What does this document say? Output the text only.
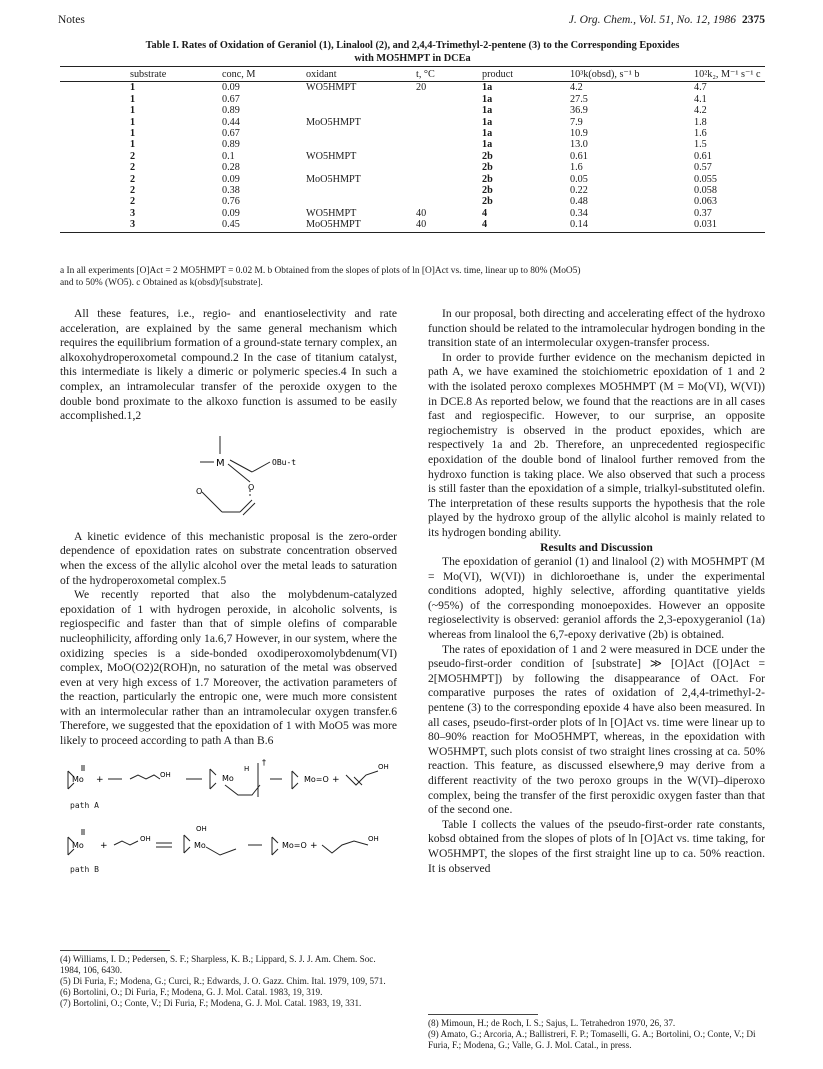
Notes	J. Org. Chem., Vol. 51, No. 12, 1986 2375
Table I. Rates of Oxidation of Geraniol (1), Linalool (2), and 2,4,4-Trimethyl-2-pentene (3) to the Corresponding Epoxides
with MO5HMPT in DCEa
substrate	conc, M	oxidant	t, °C	product	10³k(obsd), s⁻¹ b	10²k₂, M⁻¹ s⁻¹ c
1	0.09	WO5HMPT	20	1a	4.2	4.7
1	0.67			1a	27.5	4.1
1	0.89			1a	36.9	4.2
1	0.44	MoO5HMPT		1a	7.9	1.8
1	0.67			1a	10.9	1.6
1	0.89			1a	13.0	1.5
2	0.1	WO5HMPT		2b	0.61	0.61
2	0.28			2b	1.6	0.57
2	0.09	MoO5HMPT		2b	0.05	0.055
2	0.38			2b	0.22	0.058
2	0.76			2b	0.48	0.063
3	0.09	WO5HMPT	40	4	0.34	0.37
3	0.45	MoO5HMPT	40	4	0.14	0.031
a In all experiments [O]Act = 2 MO5HMPT = 0.02 M. b Obtained from the slopes of plots of ln [O]Act vs. time, linear up to 80% (MoO5)
and to 50% (WO5). c Obtained as k(obsd)/[substrate].

All these features, i.e., regio- and enantioselectivity and rate acceleration, are explained by the same general mechanism which requires the equilibrium formation of a ground-state ternary complex, an alkoxohydroperoxometal compound.2 In the case of titanium catalyst, this intermediate is likely a dimeric or polymeric species.4 In such a complex, an intramolecular transfer of the peroxide oxygen to the double bond proximate to the alkoxo function is assumed to be easily accomplished.1,2

M	OBu-t
O
O

A kinetic evidence of this mechanistic proposal is the zero-order dependence of epoxidation rates on substrate concentration observed when the excess of the allylic alcohol over the metal leads to saturation of the hydroperoxometal complex.5

We recently reported that also the molybdenum-catalyzed epoxidation of 1 with hydrogen peroxide, in alcoholic solvents, is regiospecific and faster than that of simple olefins of comparable nucleophilicity, affording only 1a.6,7 However, in our system, where the oxidizing species is a side-bonded oxodiperoxomolybdenum(VI) complex, MoO(O2)2(ROH)n, no saturation of the metal was observed even at very high excess of 1.7 Moreover, the activation parameters of the reaction, particularly the entropic one, were much more consistent with an intermolecular rather than an intramolecular oxygen transfer.6 Therefore, we suggested that the epoxidation of 1 with MoO5 was more likely to proceed according to path A than B.6

Mo +	OH	Mo
H
†
Mo=O +
OH
path A
Mo +
OH
OH
Mo	Mo=O +
OH
path B
(4) Williams, I. D.; Pedersen, S. F.; Sharpless, K. B.; Lippard, S. J. J. Am. Chem. Soc. 1984, 106, 6430.
(5) Di Furia, F.; Modena, G.; Curci, R.; Edwards, J. O. Gazz. Chim. Ital. 1979, 109, 571.
(6) Bortolini, O.; Di Furia, F.; Modena, G. J. Mol. Catal. 1983, 19, 319.
(7) Bortolini, O.; Conte, V.; Di Furia, F.; Modena, G. J. Mol. Catal. 1983, 19, 331.

In our proposal, both directing and accelerating effect of the hydroxo function should be related to the intramolecular hydrogen bonding in the transition state of an intermolecular oxygen-transfer process.

In order to provide further evidence on the mechanism depicted in path A, we have examined the stoichiometric epoxidation of 1 and 2 with the isolated peroxo complexes MO5HMPT (M = Mo(VI), W(VI)) in DCE.8 As reported below, we found that the reactions are in all cases fast and regiospecific. However, to our surprise, an opposite regiochemistry is observed in the product epoxides, which are respectively 1a and 2b. Therefore, an unprecedented regiospecific epoxidation of the double bond of linalool further removed from the hydroxo function is taking place. We also observed that such a process is still faster than the epoxidation of a simple, trialkyl-substituted olefin. The interpretation of these results supports the hypothesis that the role played by the hydroxo group of the allylic alcohol is mainly related to its hydrogen bonding ability.

Results and Discussion

The epoxidation of geraniol (1) and linalool (2) with MO5HMPT (M = Mo(VI), W(VI)) in dichloroethane is, under the experimental conditions adopted, highly selective, affording quantitative yields (~95%) of the corresponding monoepoxides. However an opposite regioselectivity is observed: geraniol affords the 2,3-epoxygeraniol (1a) whereas from linalool the 6,7-epoxy derivative (2b) is obtained.

The rates of epoxidation of 1 and 2 were measured in DCE under the pseudo-first-order condition of [substrate] ≫ [O]Act ([O]Act = 2[MO5HMPT]) by following the disappearance of OAct. For comparative purposes the rates of oxidation of 2,4,4-trimethyl-2-pentene (3) to the corresponding epoxide 4 have also been measured. In all cases, pseudo-first-order plots of ln [O]Act vs. time were linear up to 80–90% reaction for MoO5HMPT, whereas, in the epoxidation with WO5HMPT, such plots consist of two straight lines crossing at ca. 50% reaction. This feature, as discussed elsewhere,9 may derive from a different reactivity of the two peroxo groups in the W(VI)–diperoxo complex, being the transfer of the first peroxidic oxygen faster than that of the second one.

Table I collects the values of the pseudo-first-order rate constants, kobsd obtained from the slopes of plots of ln [O]Act vs. time taking, for WO5HMPT, the slopes of the first straight line up to ca. 50% reaction. It is observed

(8) Mimoun, H.; de Roch, I. S.; Sajus, L. Tetrahedron 1970, 26, 37.
(9) Amato, G.; Arcoria, A.; Ballistreri, F. P.; Tomaselli, G. A.; Bortolini, O.; Conte, V.; Di Furia, F.; Modena, G.; Valle, G. J. Mol. Catal., in press.
